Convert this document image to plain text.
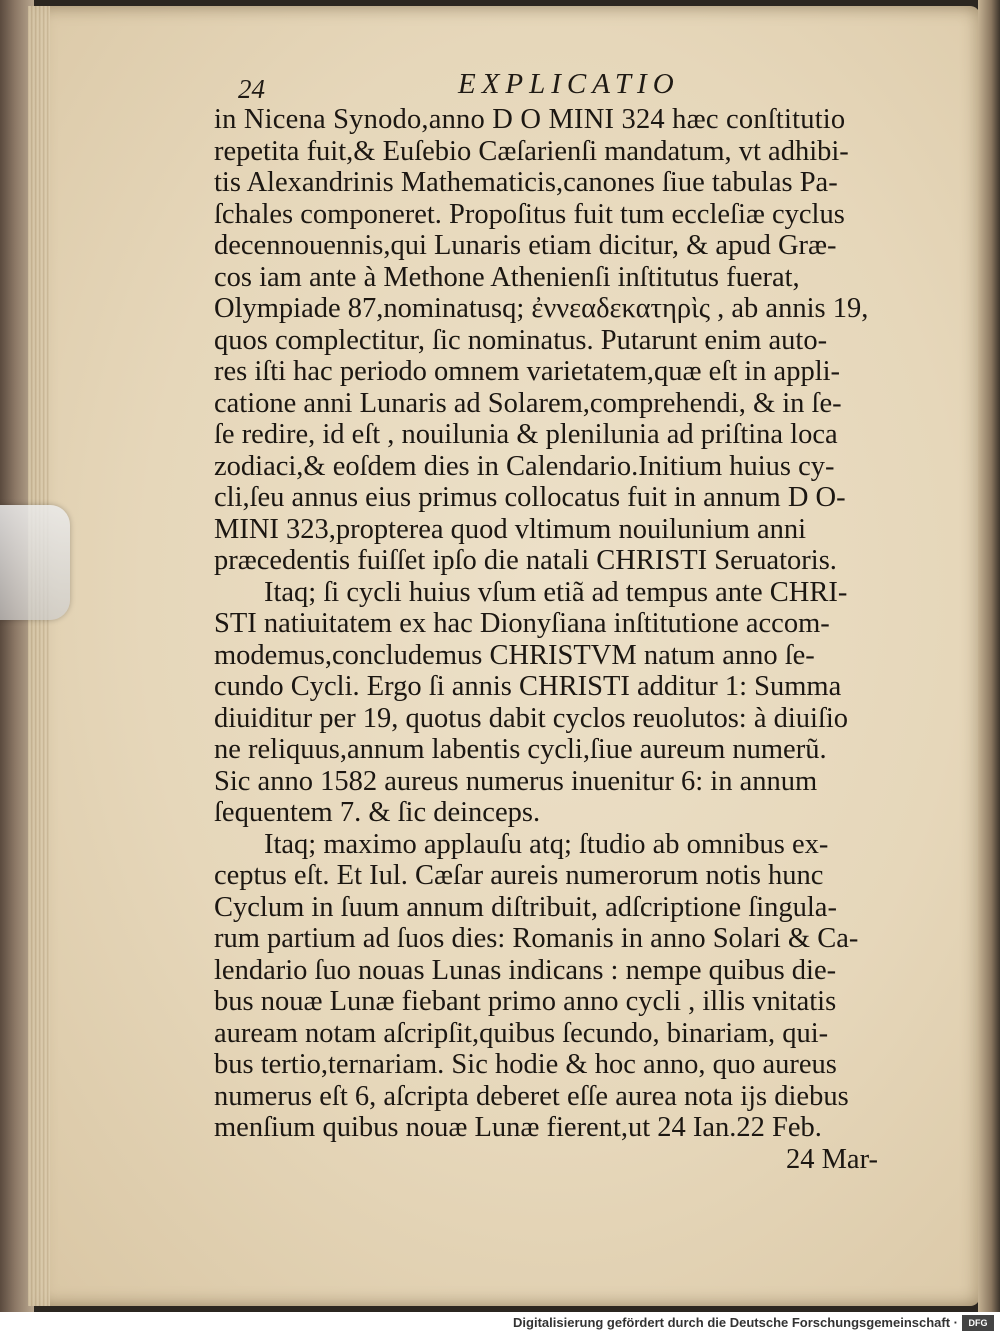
24	EXPLICATIO
in Nicena Synodo,anno D O MINI 324 hæc conſtitutio
repetita fuit,& Euſebio Cæſarienſi mandatum, vt adhibi-
tis Alexandrinis Mathematicis,canones ſiue tabulas Pa-
ſchales componeret. Propoſitus fuit tum eccleſiæ cyclus
decennouennis,qui Lunaris etiam dicitur, & apud Græ-
cos iam ante à Methone Athenienſi inſtitutus fuerat,
Olympiade 87,nominatusq; ἐννεαδεκατηρὶς , ab annis 19,
quos complectitur, ſic nominatus. Putarunt enim auto-
res iſti hac periodo omnem varietatem,quæ eſt in appli-
catione anni Lunaris ad Solarem,comprehendi, & in ſe-
ſe redire, id eſt , nouilunia & plenilunia ad priſtina loca
zodiaci,& eoſdem dies in Calendario.Initium huius cy-
cli,ſeu annus eius primus collocatus fuit in annum D O-
MINI 323,propterea quod vltimum nouilunium anni
præcedentis fuiſſet ipſo die natali CHRISTI Seruatoris.
Itaq; ſi cycli huius vſum etiã ad tempus ante CHRI-
STI natiuitatem ex hac Dionyſiana inſtitutione accom-
modemus,concludemus CHRISTVM natum anno ſe-
cundo Cycli. Ergo ſi annis CHRISTI additur 1: Summa
diuiditur per 19, quotus dabit cyclos reuolutos: à diuiſio
ne reliquus,annum labentis cycli,ſiue aureum numerũ.
Sic anno 1582 aureus numerus inuenitur 6: in annum
ſequentem 7. & ſic deinceps.
Itaq; maximo applauſu atq; ſtudio ab omnibus ex-
ceptus eſt. Et Iul. Cæſar aureis numerorum notis hunc
Cyclum in ſuum annum diſtribuit, adſcriptione ſingula-
rum partium ad ſuos dies: Romanis in anno Solari & Ca-
lendario ſuo nouas Lunas indicans : nempe quibus die-
bus nouæ Lunæ fiebant primo anno cycli , illis vnitatis
auream notam aſcripſit,quibus ſecundo, binariam, qui-
bus tertio,ternariam. Sic hodie & hoc anno, quo aureus
numerus eſt 6, aſcripta deberet eſſe aurea nota ijs diebus
menſium quibus nouæ Lunæ fierent,ut 24 Ian.22 Feb.
24 Mar-
Digitalisierung gefördert durch die Deutsche Forschungsgemeinschaft ·	DFG
